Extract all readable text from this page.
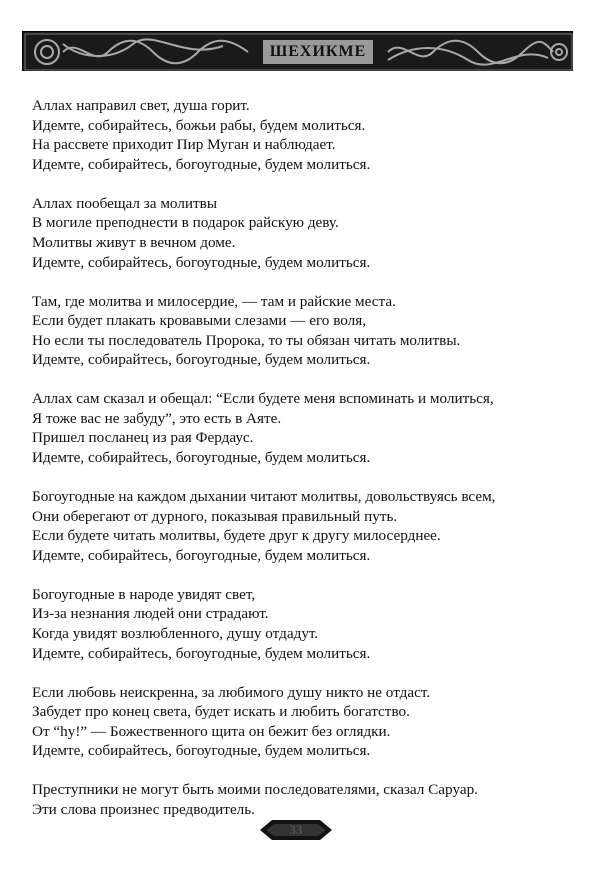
ШЕХИКМЕ
Аллах направил свет, душа горит.
Идемте, собирайтесь, божьи рабы, будем молиться.
На рассвете приходит Пир Муган и наблюдает.
Идемте, собирайтесь, богоугодные, будем молиться.
Аллах пообещал за молитвы
В могиле преподнести в подарок райскую деву.
Молитвы живут в вечном доме.
Идемте, собирайтесь, богоугодные, будем молиться.
Там, где молитва и милосердие, — там и райские места.
Если будет плакать кровавыми слезами — его воля,
Но если ты последователь Пророка, то ты обязан читать молитвы.
Идемте, собирайтесь, богоугодные, будем молиться.
Аллах сам сказал и обещал: “Если будете меня вспоминать и молиться,
Я тоже вас не забуду”, это есть в Аяте.
Пришел посланец из рая Фердаус.
Идемте, собирайтесь, богоугодные, будем молиться.
Богоугодные на каждом дыхании читают молитвы, довольствуясь всем,
Они оберегают от дурного, показывая правильный путь.
Если будете читать молитвы, будете друг к другу милосерднее.
Идемте, собирайтесь, богоугодные, будем молиться.
Богоугодные в народе увидят свет,
Из-за незнания людей они страдают.
Когда увидят возлюбленного, душу отдадут.
Идемте, собирайтесь, богоугодные, будем молиться.
Если любовь неискренна, за любимого душу никто не отдаст.
Забудет про конец света, будет искать и любить богатство.
От “hу!” — Божественного щита он бежит без оглядки.
Идемте, собирайтесь, богоугодные, будем молиться.
Преступники не могут быть моими последователями, сказал Саруар.
Эти слова произнес предводитель.
33
